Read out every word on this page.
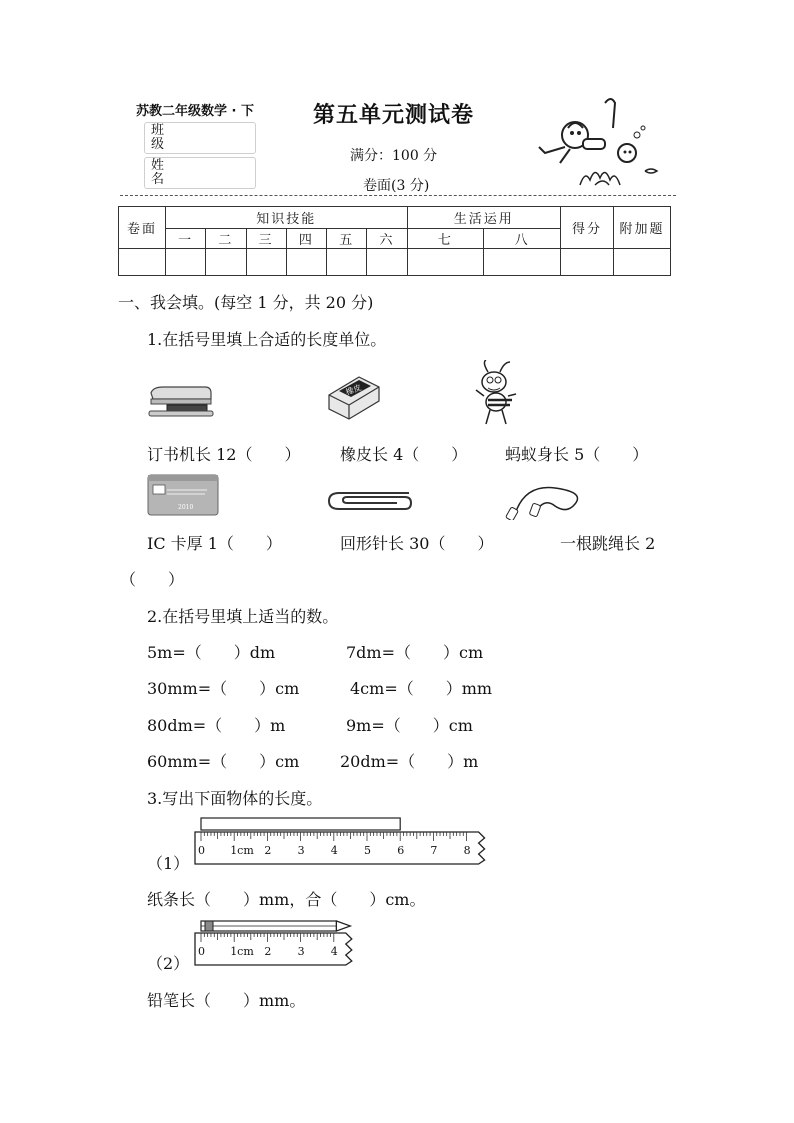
苏教二年级数学 · 下
班级
姓名
第五单元测试卷
满分：100 分
卷面(3 分)
卷面	知识技能						生活运用		得分	附加题
	一	二	三	四	五	六	七	八		

一、我会填。(每空 1 分，共 20 分)
1.在括号里填上合适的长度单位。
橡皮
订书机长 12（　　） 橡皮长 4（　　） 蚂蚁身长 5（　　）
2010
IC 卡厚 1（　　）	回形针长 30（　　）	一根跳绳长 2
（　　）
2.在括号里填上适当的数。
5m=（　　）dm	7dm=（　　）cm
30mm=（　　）cm	4cm=（　　）mm
80dm=（　　）m	9m=（　　）cm
60mm=（　　）cm	20dm=（　　）m
3.写出下面物体的长度。
（1）
0 1cm 2 3 4 5 6 7 8
纸条长（　　）mm，合（　　）cm。
（2）
0 1cm 2 3 4
铅笔长（　　）mm。
